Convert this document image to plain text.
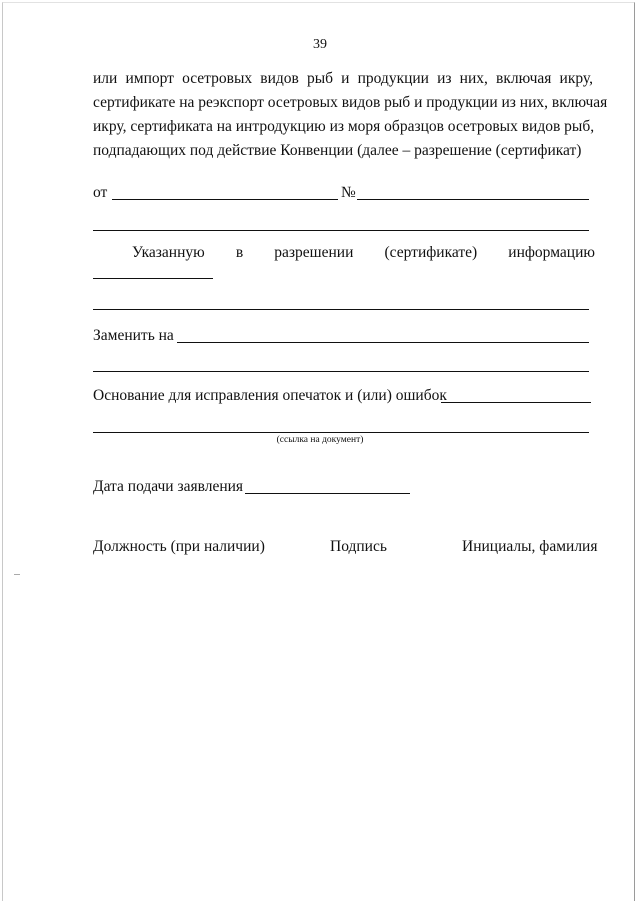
39
или импорт осетровых видов рыб и продукции из них, включая икру,
сертификате на реэкспорт осетровых видов рыб и продукции из них, включая
икру, сертификата на интродукцию из моря образцов осетровых видов рыб,
подпадающих под действие Конвенции (далее – разрешение (сертификат)
от	№
Указанную в разрешении (сертификате) информацию
Заменить на
Основание для исправления опечаток и (или) ошибок
(ссылка на документ)
Дата подачи заявления
Должность (при наличии)	Подпись	Инициалы, фамилия
